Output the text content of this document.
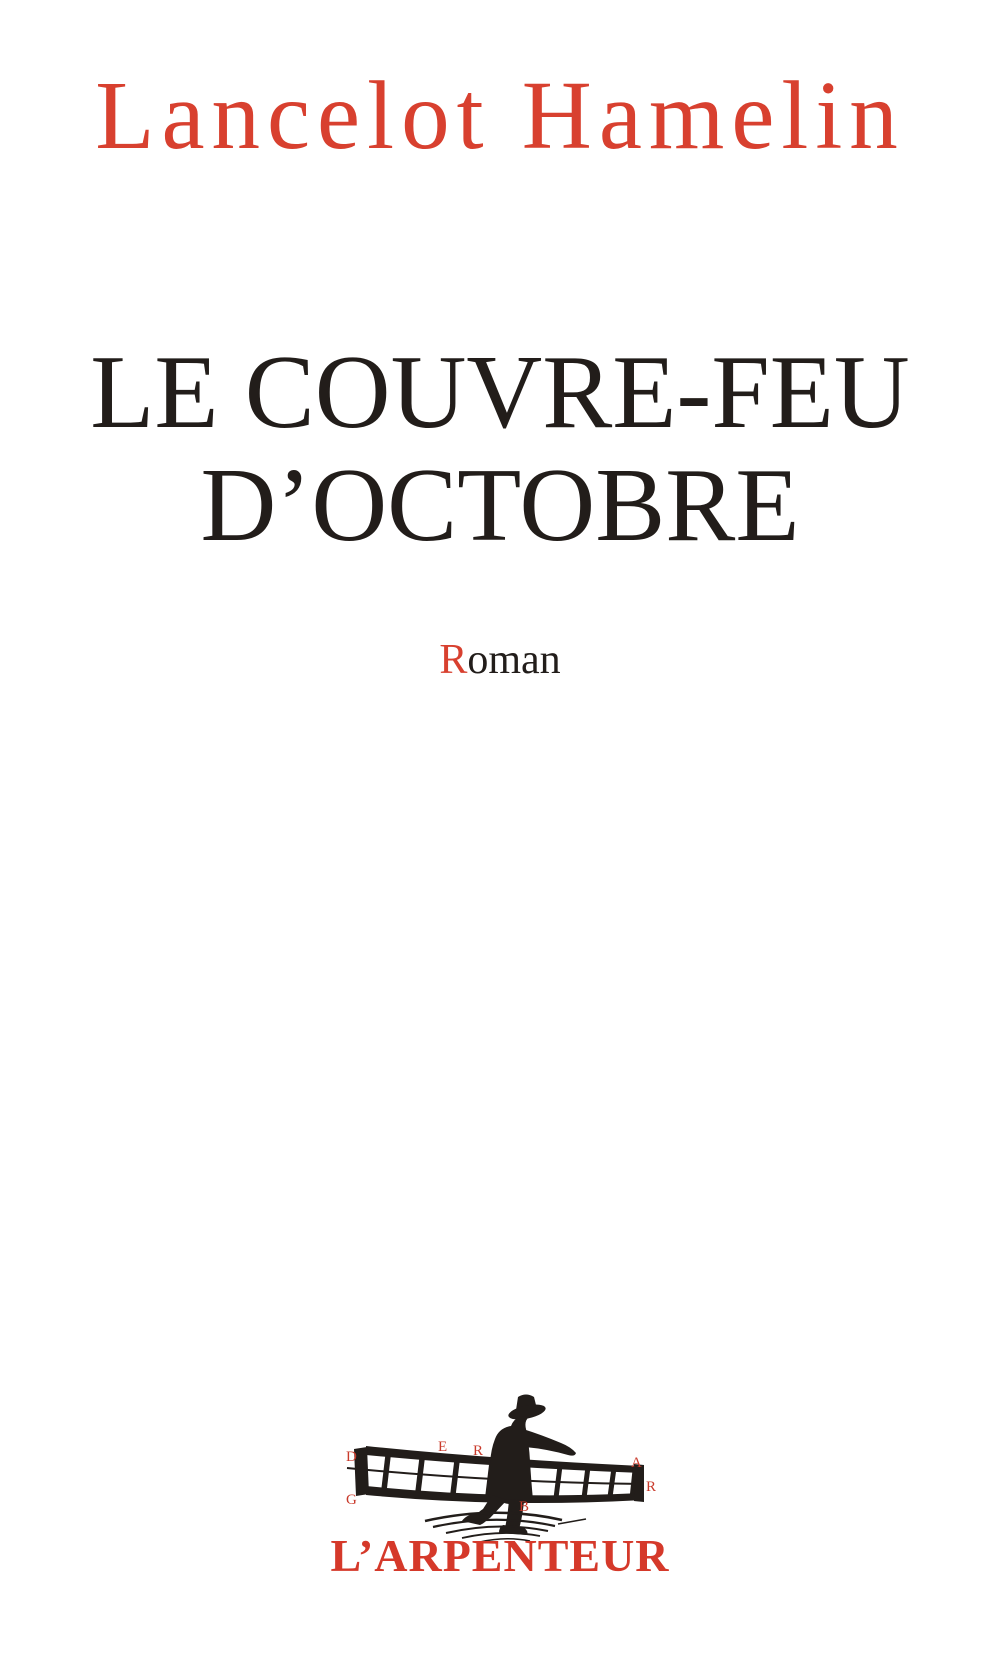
Lancelot Hamelin
LE COUVRE-FEU
D’OCTOBRE
Roman
D
E R
G	B
A
R
L’ARPENTEUR
